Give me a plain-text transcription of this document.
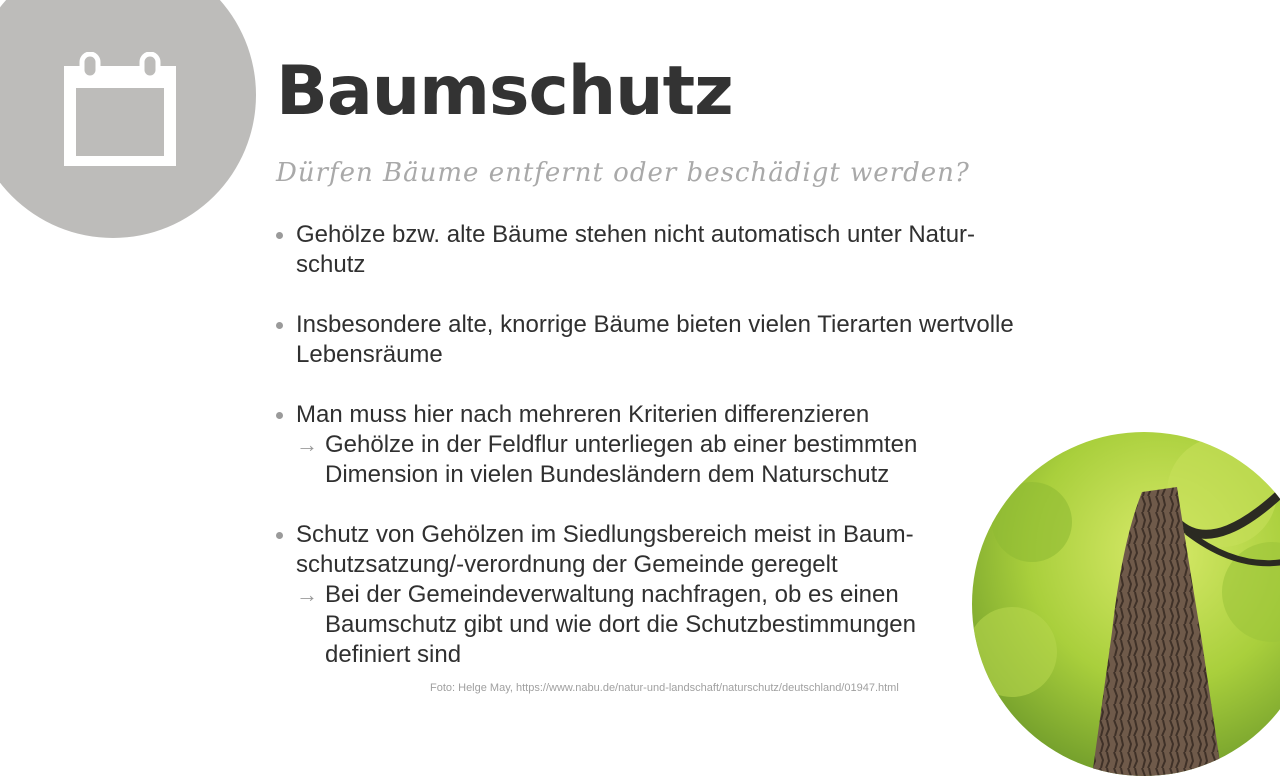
Baumschutz

Dürfen Bäume entfernt oder beschädigt werden?

Gehölze bzw. alte Bäume stehen nicht automatisch unter Natur-
schutz
Insbesondere alte, knorrige Bäume bieten vielen Tierarten wertvolle
Lebensräume
Man muss hier nach mehreren Kriterien differenzieren
→ Gehölze in der Feldflur unterliegen ab einer bestimmten
Dimension in vielen Bundesländern dem Naturschutz
Schutz von Gehölzen im Siedlungsbereich meist in Baum-
schutzsatzung/-verordnung der Gemeinde geregelt
→ Bei der Gemeindeverwaltung nachfragen, ob es einen
Baumschutz gibt und wie dort die Schutzbestimmungen
definiert sind
Foto: Helge May, https://www.nabu.de/natur-und-landschaft/naturschutz/deutschland/01947.html
